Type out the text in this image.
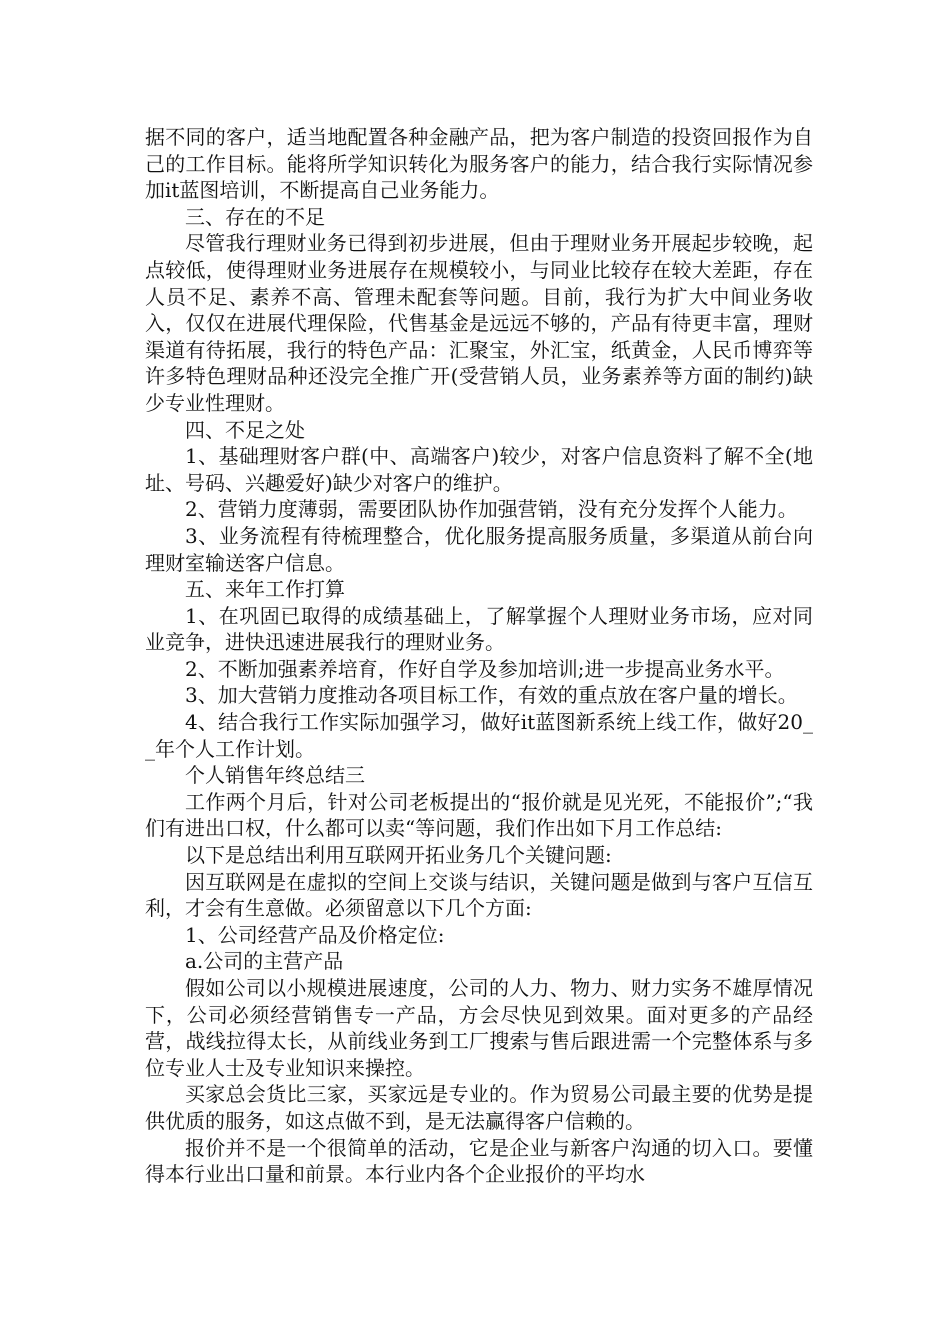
据不同的客户，适当地配置各种金融产品，把为客户制造的投资回报作为自己的工作目标。能将所学知识转化为服务客户的能力，结合我行实际情况参加it蓝图培训，不断提高自己业务能力。

三、存在的不足

尽管我行理财业务已得到初步进展，但由于理财业务开展起步较晚，起点较低，使得理财业务进展存在规模较小，与同业比较存在较大差距，存在人员不足、素养不高、管理未配套等问题。目前，我行为扩大中间业务收入，仅仅在进展代理保险，代售基金是远远不够的，产品有待更丰富，理财渠道有待拓展，我行的特色产品：汇聚宝，外汇宝，纸黄金，人民币博弈等许多特色理财品种还没完全推广开(受营销人员，业务素养等方面的制约)缺少专业性理财。

四、不足之处

1、基础理财客户群(中、高端客户)较少，对客户信息资料了解不全(地址、号码、兴趣爱好)缺少对客户的维护。

2、营销力度薄弱，需要团队协作加强营销，没有充分发挥个人能力。

3、业务流程有待梳理整合，优化服务提高服务质量，多渠道从前台向理财室输送客户信息。

五、来年工作打算

1、在巩固已取得的成绩基础上，了解掌握个人理财业务市场，应对同业竞争，进快迅速进展我行的理财业务。

2、不断加强素养培育，作好自学及参加培训;进一步提高业务水平。

3、加大营销力度推动各项目标工作，有效的重点放在客户量的增长。

4、结合我行工作实际加强学习，做好it蓝图新系统上线工作，做好20__年个人工作计划。

个人销售年终总结三

工作两个月后，针对公司老板提出的“报价就是见光死，不能报价”;“我们有进出口权，什么都可以卖“等问题，我们作出如下月工作总结:

以下是总结出利用互联网开拓业务几个关键问题:

因互联网是在虚拟的空间上交谈与结识，关键问题是做到与客户互信互利，才会有生意做。必须留意以下几个方面:

1、公司经营产品及价格定位:

a.公司的主营产品

假如公司以小规模进展速度，公司的人力、物力、财力实务不雄厚情况下，公司必须经营销售专一产品，方会尽快见到效果。面对更多的产品经营，战线拉得太长，从前线业务到工厂搜索与售后跟进需一个完整体系与多位专业人士及专业知识来操控。

买家总会货比三家，买家远是专业的。作为贸易公司最主要的优势是提供优质的服务，如这点做不到，是无法赢得客户信赖的。

报价并不是一个很简单的活动，它是企业与新客户沟通的切入口。要懂得本行业出口量和前景。本行业内各个企业报价的平均水
